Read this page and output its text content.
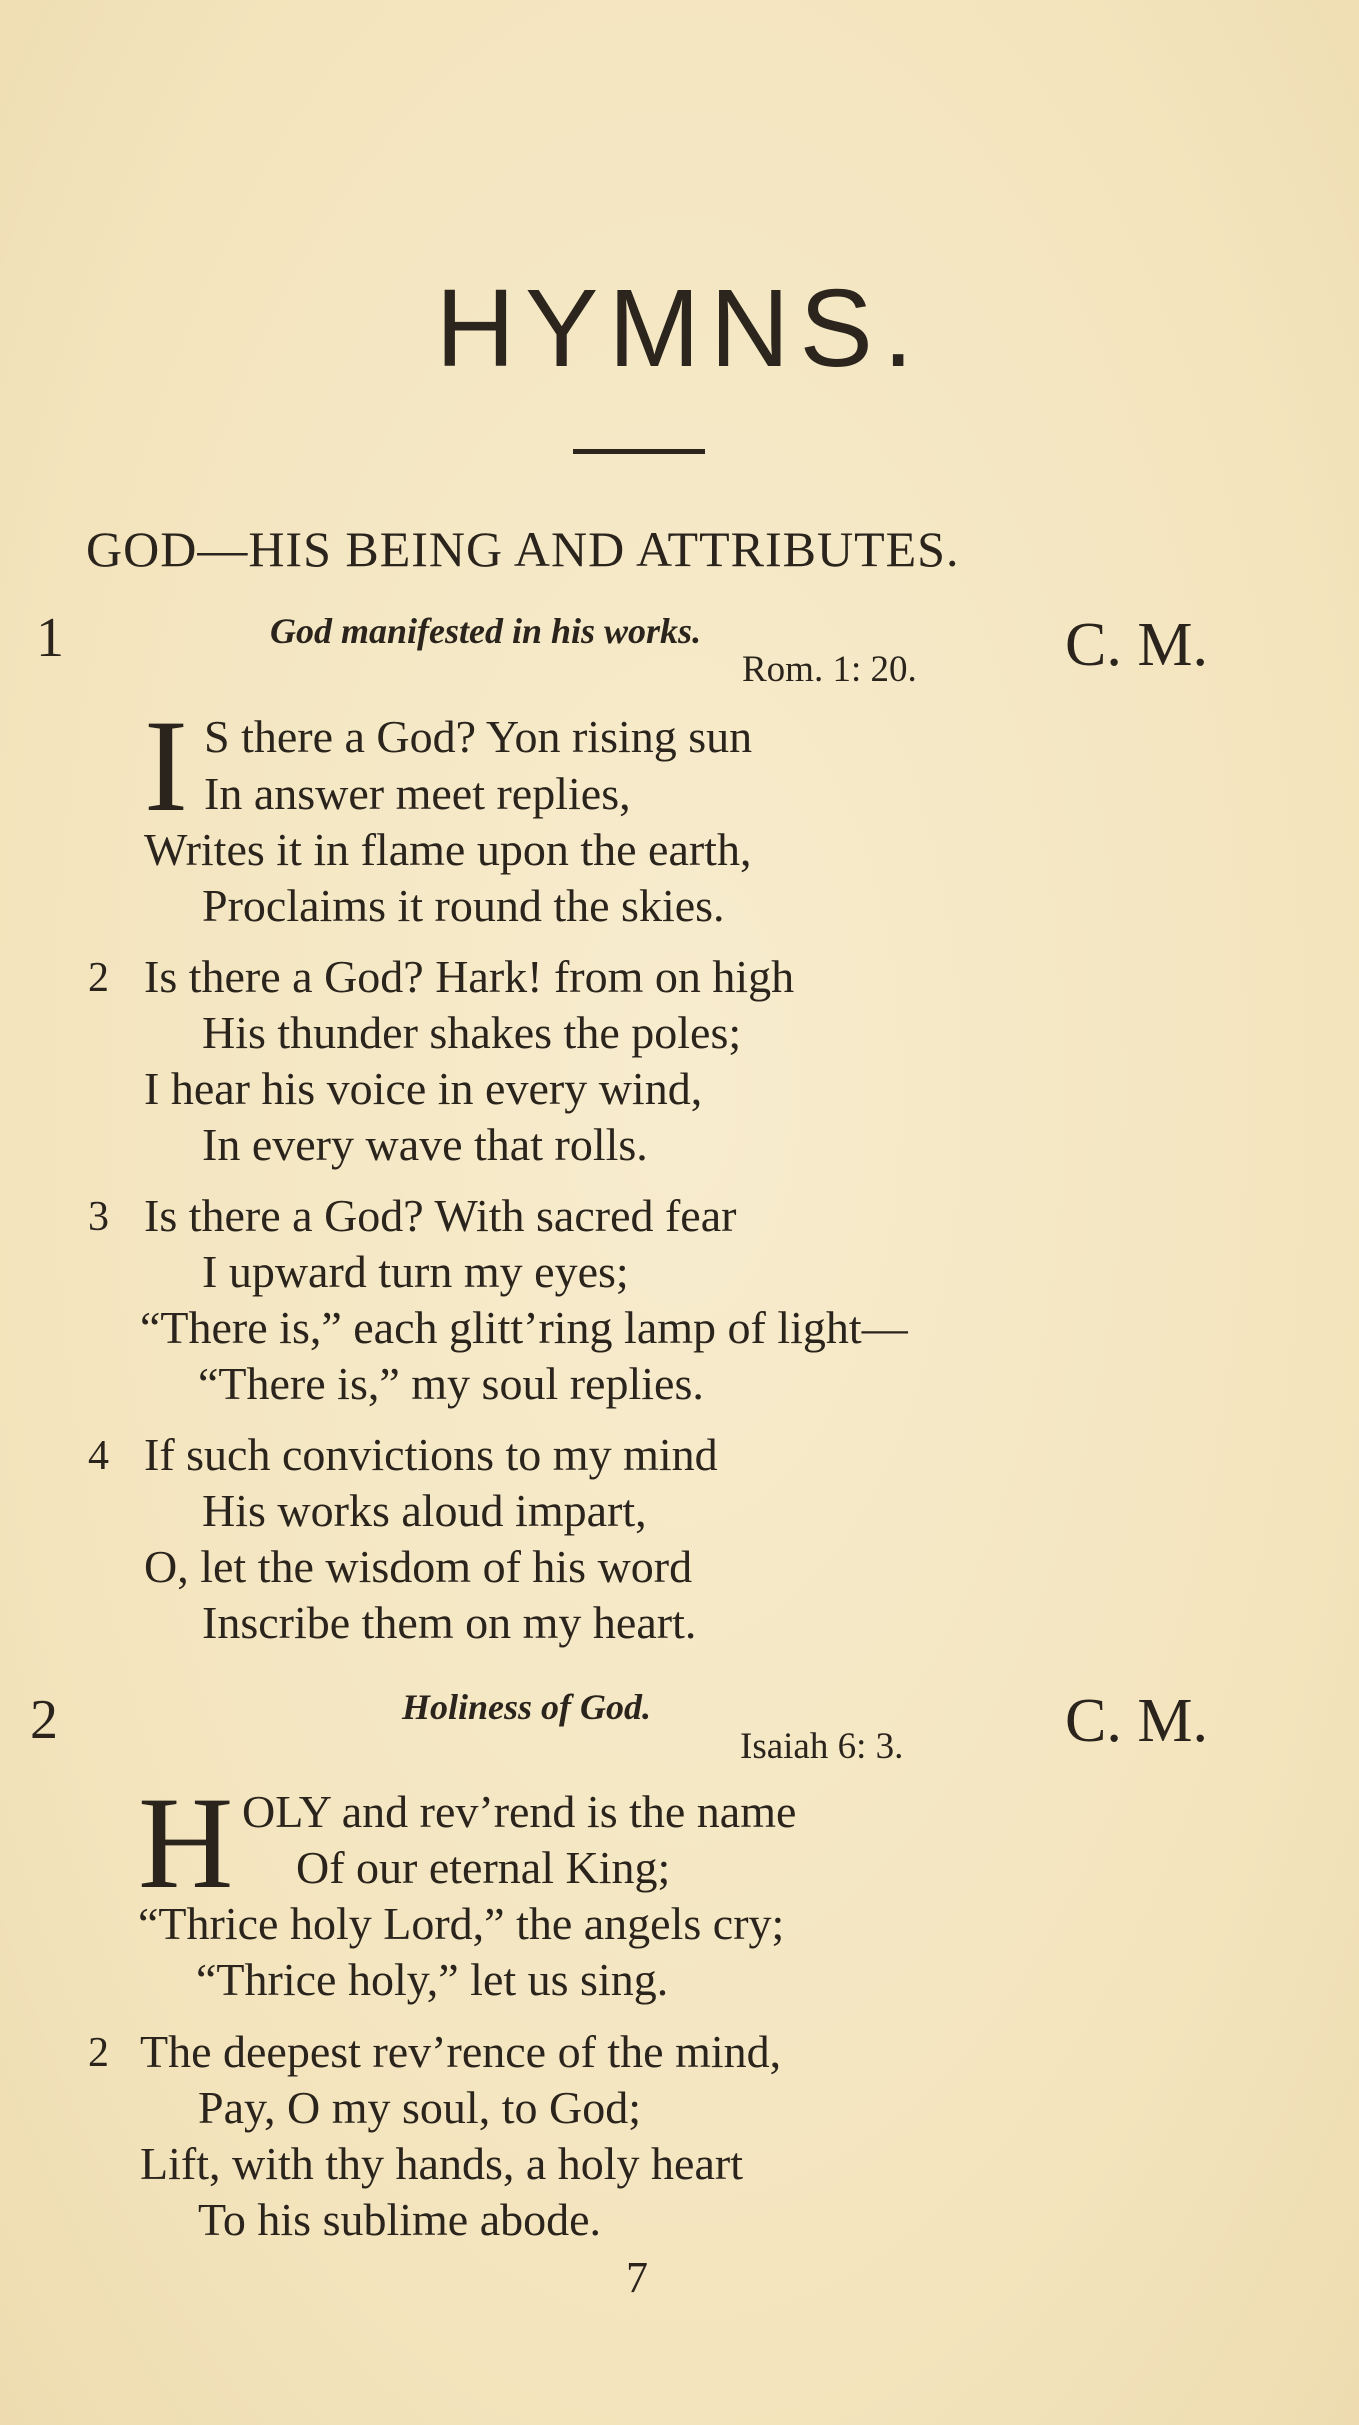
HYMNS.
GOD—HIS BEING AND ATTRIBUTES.
1	God manifested in his works.
Rom. 1: 20. C. M.
I S there a God? Yon rising sun
In answer meet replies,
Writes it in flame upon the earth,
Proclaims it round the skies.
2 Is there a God? Hark! from on high
His thunder shakes the poles;
I hear his voice in every wind,
In every wave that rolls.
3 Is there a God? With sacred fear
I upward turn my eyes;
“There is,” each glitt’ring lamp of light—
“There is,” my soul replies.
4 If such convictions to my mind
His works aloud impart,
O, let the wisdom of his word
Inscribe them on my heart.
2	Holiness of God.
Isaiah 6: 3.	C. M.
H OLY and rev’rend is the name
Of our eternal King;
“Thrice holy Lord,” the angels cry;
“Thrice holy,” let us sing.
2 The deepest rev’rence of the mind,
Pay, O my soul, to God;
Lift, with thy hands, a holy heart
To his sublime abode.
7
